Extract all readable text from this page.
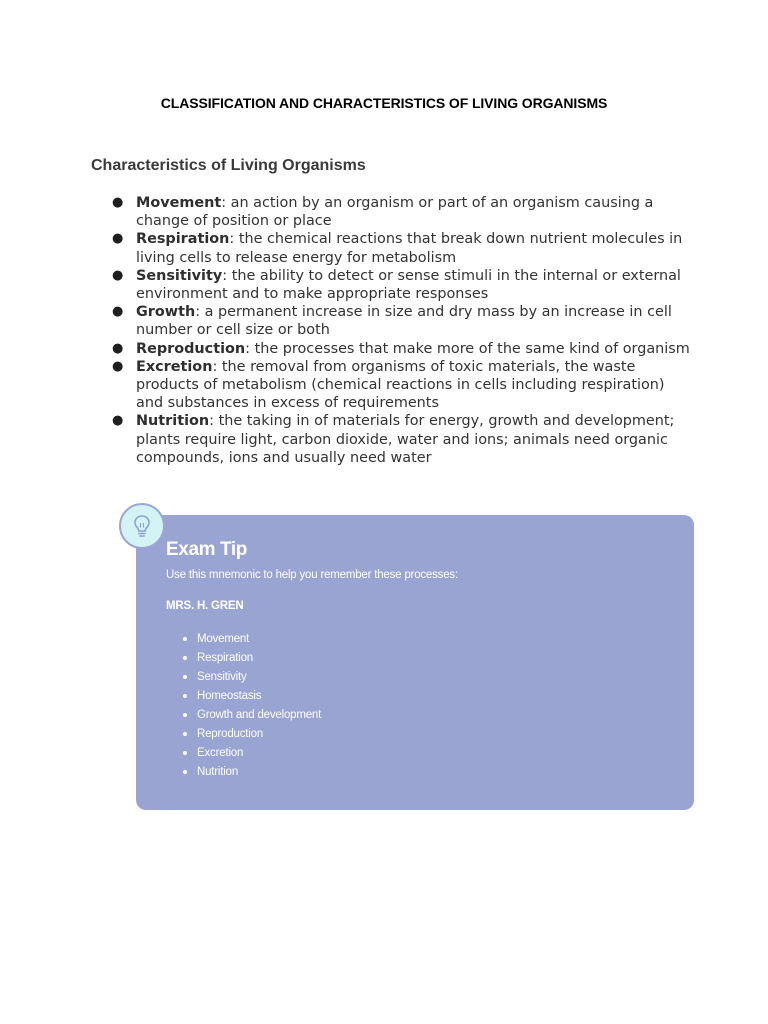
CLASSIFICATION AND CHARACTERISTICS OF LIVING ORGANISMS
Characteristics of Living Organisms
● Movement: an action by an organism or part of an organism causing a change of position or place
● Respiration: the chemical reactions that break down nutrient molecules in living cells to release energy for metabolism
● Sensitivity: the ability to detect or sense stimuli in the internal or external environment and to make appropriate responses
● Growth: a permanent increase in size and dry mass by an increase in cell number or cell size or both
● Reproduction: the processes that make more of the same kind of organism
● Excretion: the removal from organisms of toxic materials, the waste products of metabolism (chemical reactions in cells including respiration) and substances in excess of requirements
● Nutrition: the taking in of materials for energy, growth and development; plants require light, carbon dioxide, water and ions; animals need organic compounds, ions and usually need water
Exam Tip
Use this mnemonic to help you remember these processes:
MRS. H. GREN
Movement
Respiration
Sensitivity
Homeostasis
Growth and development
Reproduction
Excretion
Nutrition
